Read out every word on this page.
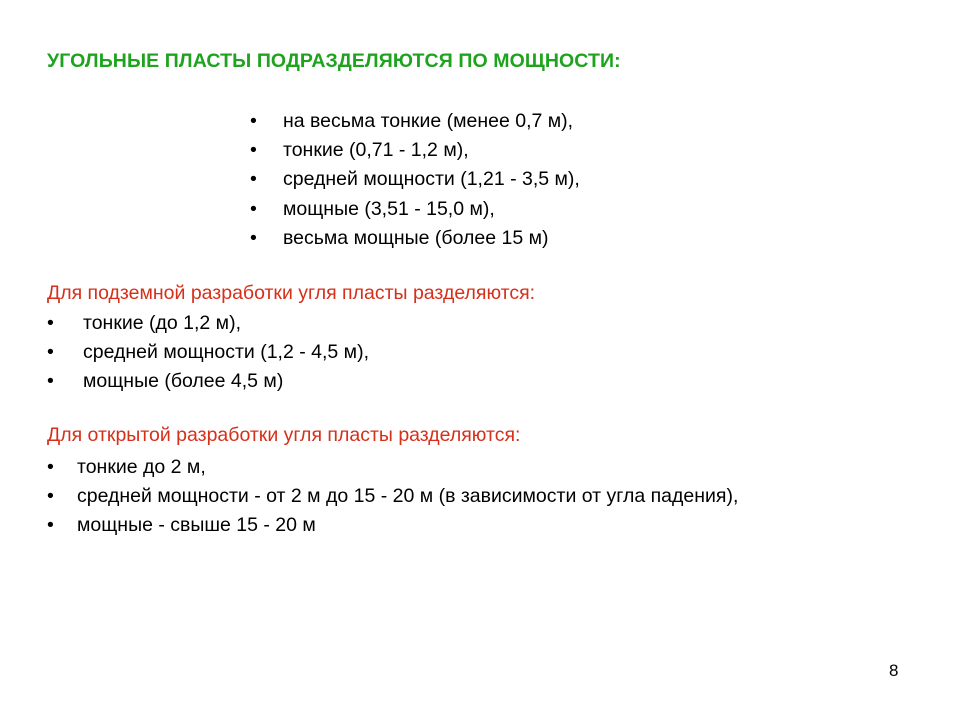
УГОЛЬНЫЕ ПЛАСТЫ ПОДРАЗДЕЛЯЮТСЯ ПО МОЩНОСТИ:
• на весьма тонкие (менее 0,7 м),
• тонкие (0,71 - 1,2 м),
• средней мощности (1,21 - 3,5 м),
• мощные (3,51 - 15,0 м),
• весьма мощные (более 15 м)
Для подземной разработки угля пласты разделяются:
• тонкие (до 1,2 м),
• средней мощности (1,2 - 4,5 м),
• мощные (более 4,5 м)
Для открытой разработки угля пласты разделяются:
• тонкие до 2 м,
• средней мощности - от 2 м до 15 - 20 м (в зависимости от угла падения),
• мощные - свыше 15 - 20 м
8
